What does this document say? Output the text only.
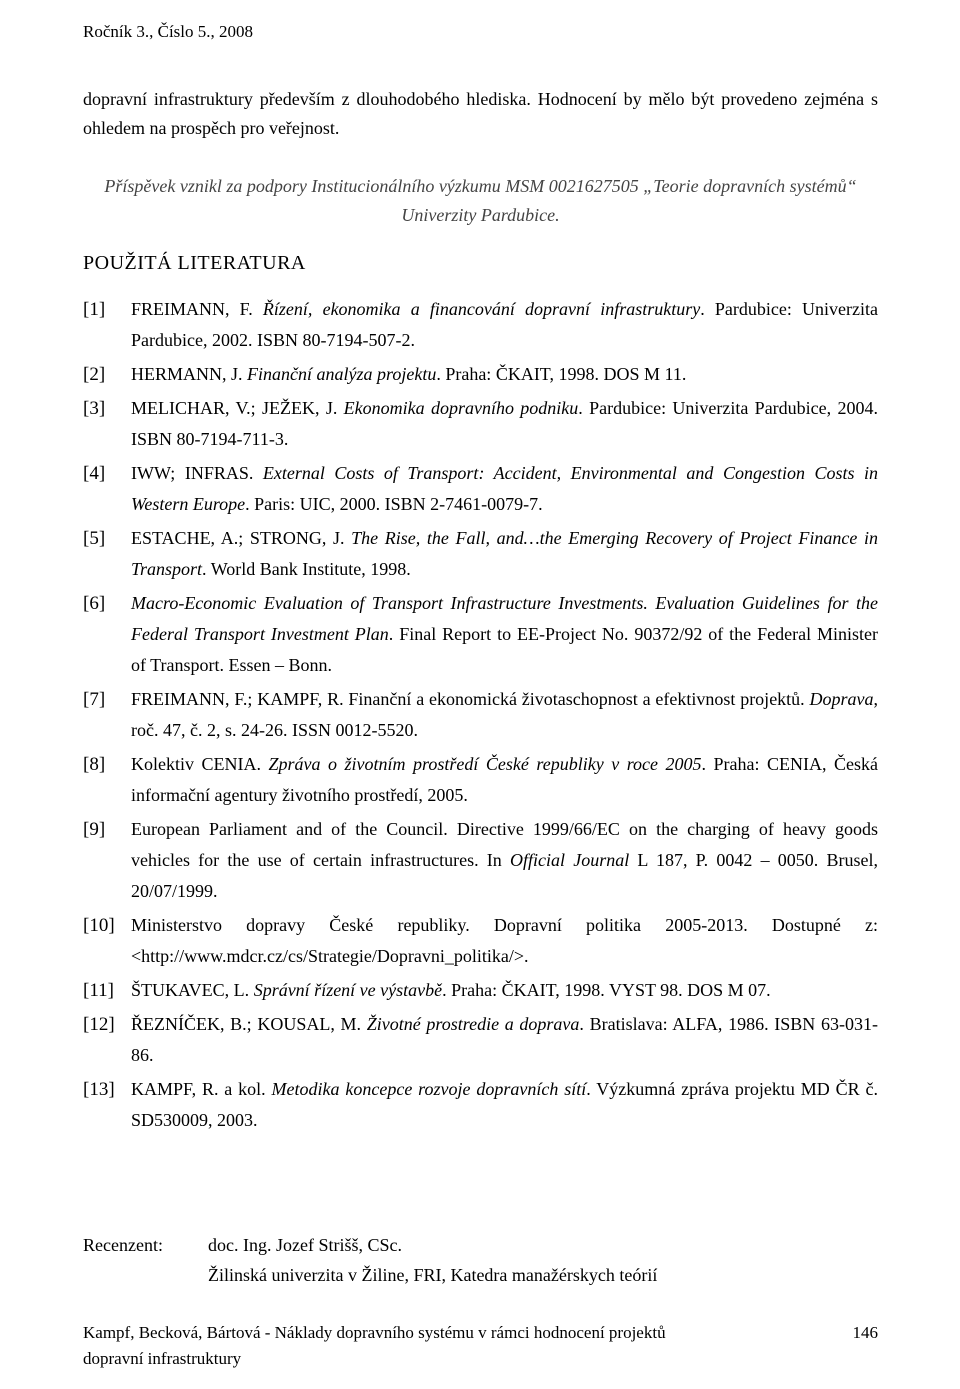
Ročník 3., Číslo 5., 2008
dopravní infrastruktury především z dlouhodobého hlediska. Hodnocení by mělo být provedeno zejména s ohledem na prospěch pro veřejnost.
Příspěvek vznikl za podpory Institucionálního výzkumu MSM 0021627505 „Teorie dopravních systémů“ Univerzity Pardubice.
POUŽITÁ LITERATURA
[1] FREIMANN, F. Řízení, ekonomika a financování dopravní infrastruktury. Pardubice: Univerzita Pardubice, 2002. ISBN 80-7194-507-2.
[2] HERMANN, J. Finanční analýza projektu. Praha: ČKAIT, 1998. DOS M 11.
[3] MELICHAR, V.; JEŽEK, J. Ekonomika dopravního podniku. Pardubice: Univerzita Pardubice, 2004. ISBN 80-7194-711-3.
[4] IWW; INFRAS. External Costs of Transport: Accident, Environmental and Congestion Costs in Western Europe. Paris: UIC, 2000. ISBN 2-7461-0079-7.
[5] ESTACHE, A.; STRONG, J. The Rise, the Fall, and…the Emerging Recovery of Project Finance in Transport. World Bank Institute, 1998.
[6] Macro-Economic Evaluation of Transport Infrastructure Investments. Evaluation Guidelines for the Federal Transport Investment Plan. Final Report to EE-Project No. 90372/92 of the Federal Minister of Transport. Essen – Bonn.
[7] FREIMANN, F.; KAMPF, R. Finanční a ekonomická životaschopnost a efektivnost projektů. Doprava, roč. 47, č. 2, s. 24-26. ISSN 0012-5520.
[8] Kolektiv CENIA. Zpráva o životním prostředí České republiky v roce 2005. Praha: CENIA, Česká informační agentury životního prostředí, 2005.
[9] European Parliament and of the Council. Directive 1999/66/EC on the charging of heavy goods vehicles for the use of certain infrastructures. In Official Journal L 187, P. 0042 – 0050. Brusel, 20/07/1999.
[10] Ministerstvo dopravy České republiky. Dopravní politika 2005-2013. Dostupné z: <http://www.mdcr.cz/cs/Strategie/Dopravni_politika/>.
[11] ŠTUKAVEC, L. Správní řízení ve výstavbě. Praha: ČKAIT, 1998. VYST 98. DOS M 07.
[12] ŘEZNÍČEK, B.; KOUSAL, M. Životné prostredie a doprava. Bratislava: ALFA, 1986. ISBN 63-031-86.
[13] KAMPF, R. a kol. Metodika koncepce rozvoje dopravních sítí. Výzkumná zpráva projektu MD ČR č. SD530009, 2003.
Recenzent:	doc. Ing. Jozef Strišš, CSc.
Žilinská univerzita v Žiline, FRI, Katedra manažérskych teórií
Kampf, Becková, Bártová - Náklady dopravního systému v rámci hodnocení projektů
dopravní infrastruktury
146
